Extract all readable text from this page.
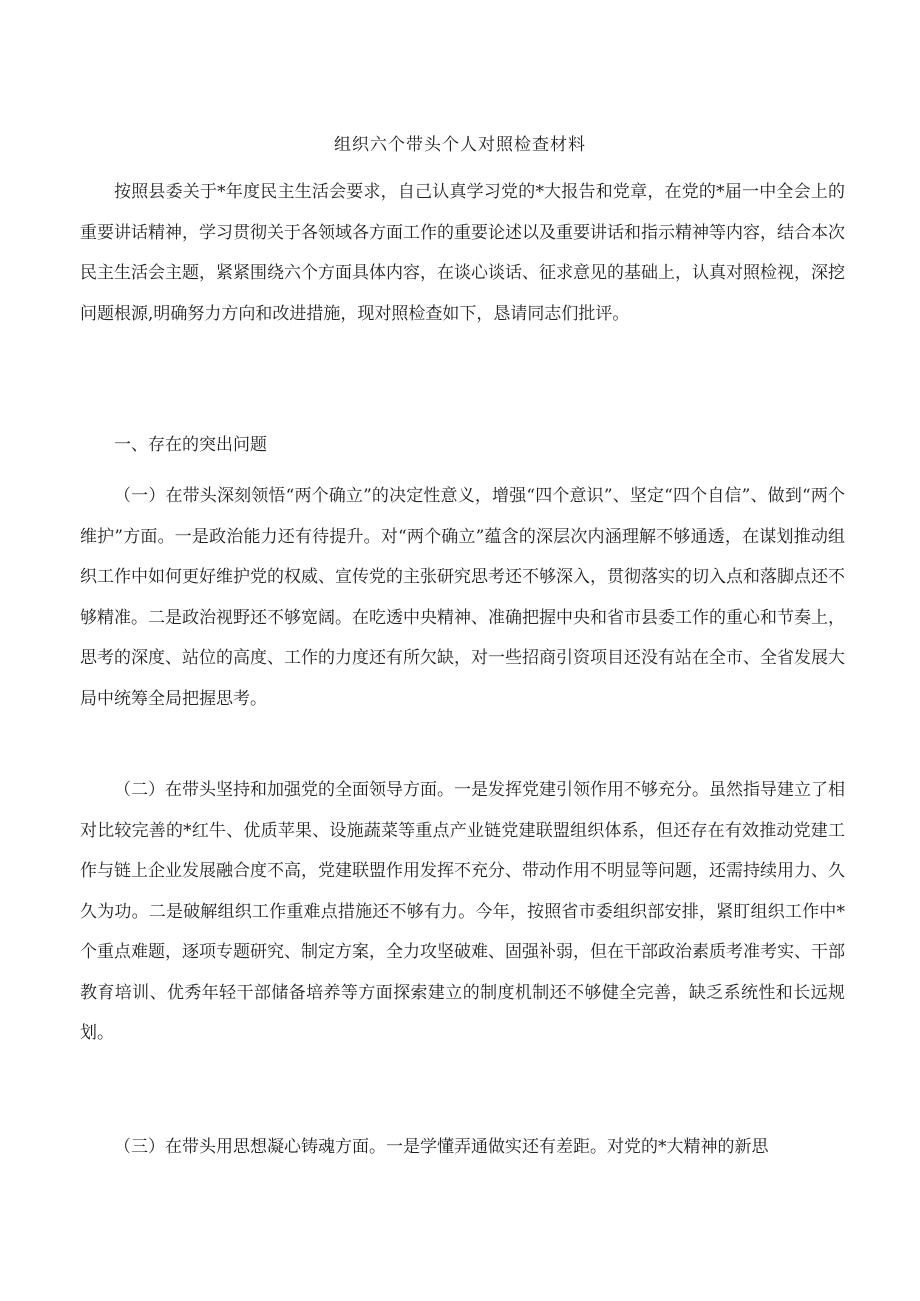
组织六个带头个人对照检查材料

按照县委关于*年度民主生活会要求，自己认真学习党的*大报告和党章，在党的*届一中全会上的重要讲话精神，学习贯彻关于各领域各方面工作的重要论述以及重要讲话和指示精神等内容，结合本次民主生活会主题，紧紧围绕六个方面具体内容，在谈心谈话、征求意见的基础上，认真对照检视，深挖问题根源,明确努力方向和改进措施，现对照检查如下，恳请同志们批评。

一、存在的突出问题

（一）在带头深刻领悟“两个确立”的决定性意义，增强“四个意识”、坚定“四个自信”、做到“两个维护”方面。一是政治能力还有待提升。对“两个确立”蕴含的深层次内涵理解不够通透，在谋划推动组织工作中如何更好维护党的权威、宣传党的主张研究思考还不够深入，贯彻落实的切入点和落脚点还不够精准。二是政治视野还不够宽阔。在吃透中央精神、准确把握中央和省市县委工作的重心和节奏上，思考的深度、站位的高度、工作的力度还有所欠缺，对一些招商引资项目还没有站在全市、全省发展大局中统筹全局把握思考。

（二）在带头坚持和加强党的全面领导方面。一是发挥党建引领作用不够充分。虽然指导建立了相对比较完善的*红牛、优质苹果、设施蔬菜等重点产业链党建联盟组织体系，但还存在有效推动党建工作与链上企业发展融合度不高，党建联盟作用发挥不充分、带动作用不明显等问题，还需持续用力、久久为功。二是破解组织工作重难点措施还不够有力。今年，按照省市委组织部安排，紧盯组织工作中*个重点难题，逐项专题研究、制定方案，全力攻坚破难、固强补弱，但在干部政治素质考准考实、干部教育培训、优秀年轻干部储备培养等方面探索建立的制度机制还不够健全完善，缺乏系统性和长远规划。

（三）在带头用思想凝心铸魂方面。一是学懂弄通做实还有差距。对党的*大精神的新思
